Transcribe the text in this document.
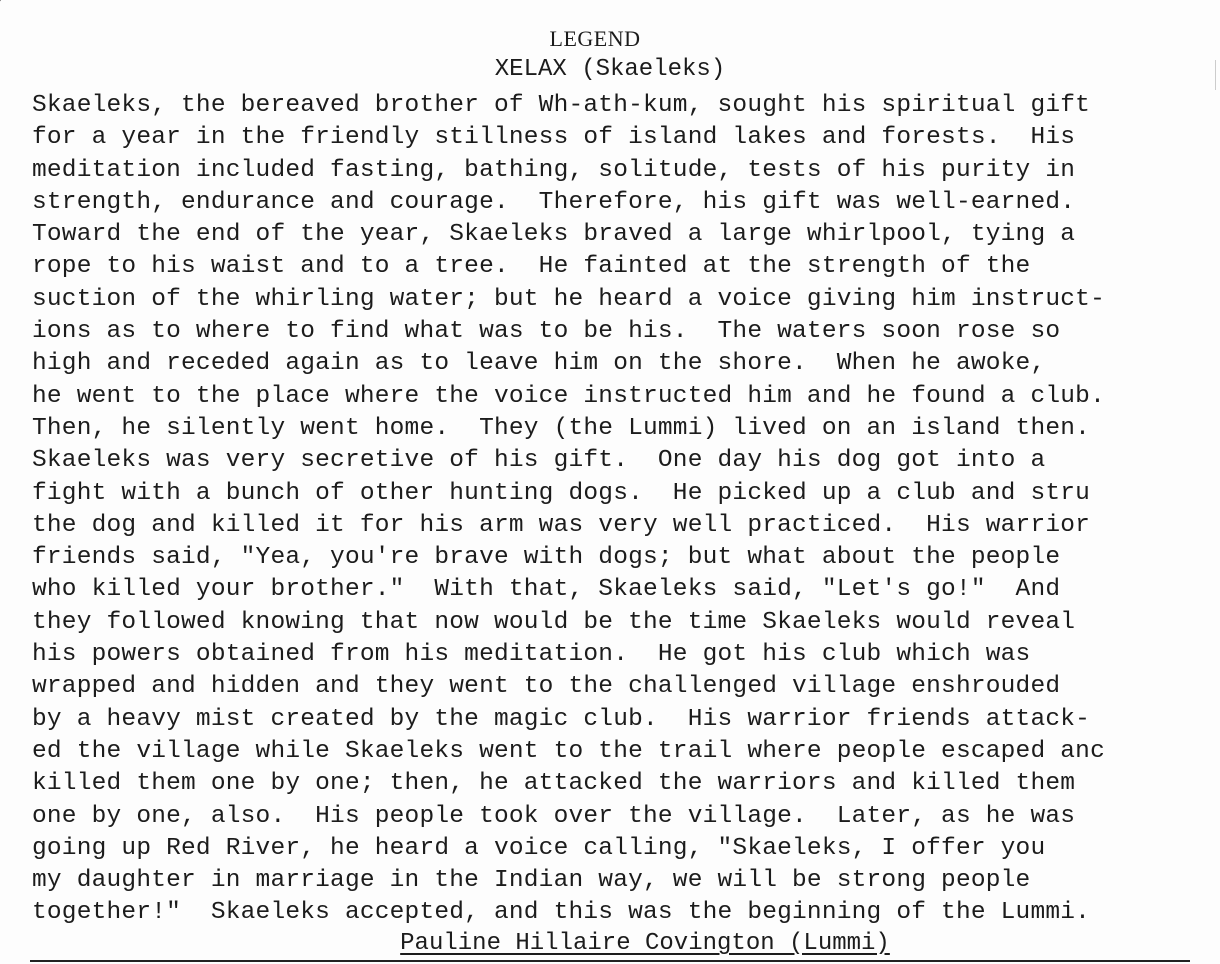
LEGEND
XELAX (Skaeleks)
Skaeleks, the bereaved brother of Wh-ath-kum, sought his spiritual gift
for a year in the friendly stillness of island lakes and forests.  His
meditation included fasting, bathing, solitude, tests of his purity in
strength, endurance and courage.  Therefore, his gift was well-earned.
Toward the end of the year, Skaeleks braved a large whirlpool, tying a
rope to his waist and to a tree.  He fainted at the strength of the
suction of the whirling water; but he heard a voice giving him instruct-
ions as to where to find what was to be his.  The waters soon rose so
high and receded again as to leave him on the shore.  When he awoke,
he went to the place where the voice instructed him and he found a club.
Then, he silently went home.  They (the Lummi) lived on an island then.
Skaeleks was very secretive of his gift.  One day his dog got into a
fight with a bunch of other hunting dogs.  He picked up a club and stru
the dog and killed it for his arm was very well practiced.  His warrior
friends said, "Yea, you're brave with dogs; but what about the people
who killed your brother."  With that, Skaeleks said, "Let's go!"  And
they followed knowing that now would be the time Skaeleks would reveal
his powers obtained from his meditation.  He got his club which was
wrapped and hidden and they went to the challenged village enshrouded
by a heavy mist created by the magic club.  His warrior friends attack-
ed the village while Skaeleks went to the trail where people escaped anc
killed them one by one; then, he attacked the warriors and killed them
one by one, also.  His people took over the village.  Later, as he was
going up Red River, he heard a voice calling, "Skaeleks, I offer you
my daughter in marriage in the Indian way, we will be strong people
together!"  Skaeleks accepted, and this was the beginning of the Lummi.
Pauline Hillaire Covington (Lummi)
